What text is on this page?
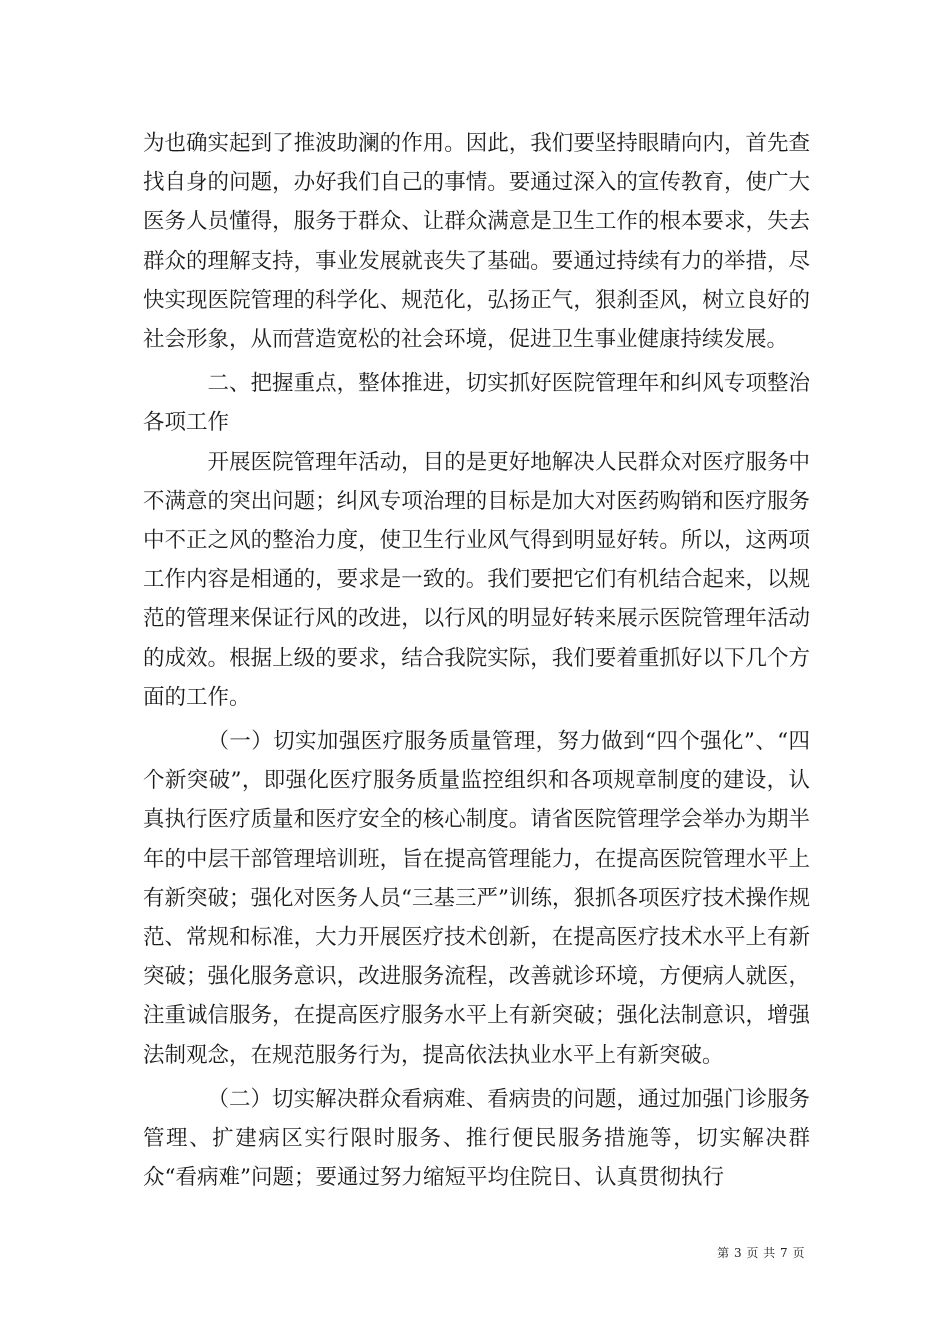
为也确实起到了推波助澜的作用。因此，我们要坚持眼睛向内，首先查找自身的问题，办好我们自己的事情。要通过深入的宣传教育，使广大医务人员懂得，服务于群众、让群众满意是卫生工作的根本要求，失去群众的理解支持，事业发展就丧失了基础。要通过持续有力的举措，尽快实现医院管理的科学化、规范化，弘扬正气，狠刹歪风，树立良好的社会形象，从而营造宽松的社会环境，促进卫生事业健康持续发展。

二、把握重点，整体推进，切实抓好医院管理年和纠风专项整治各项工作

开展医院管理年活动，目的是更好地解决人民群众对医疗服务中不满意的突出问题；纠风专项治理的目标是加大对医药购销和医疗服务中不正之风的整治力度，使卫生行业风气得到明显好转。所以，这两项工作内容是相通的，要求是一致的。我们要把它们有机结合起来，以规范的管理来保证行风的改进，以行风的明显好转来展示医院管理年活动的成效。根据上级的要求，结合我院实际，我们要着重抓好以下几个方面的工作。

（一）切实加强医疗服务质量管理，努力做到“四个强化”、“四个新突破”，即强化医疗服务质量监控组织和各项规章制度的建设，认真执行医疗质量和医疗安全的核心制度。请省医院管理学会举办为期半年的中层干部管理培训班，旨在提高管理能力，在提高医院管理水平上有新突破；强化对医务人员“三基三严”训练，狠抓各项医疗技术操作规范、常规和标准，大力开展医疗技术创新，在提高医疗技术水平上有新突破；强化服务意识，改进服务流程，改善就诊环境，方便病人就医，注重诚信服务，在提高医疗服务水平上有新突破；强化法制意识，增强法制观念，在规范服务行为，提高依法执业水平上有新突破。

（二）切实解决群众看病难、看病贵的问题，通过加强门诊服务管理、扩建病区实行限时服务、推行便民服务措施等，切实解决群众“看病难”问题；要通过努力缩短平均住院日、认真贯彻执行

第 3 页 共 7 页
